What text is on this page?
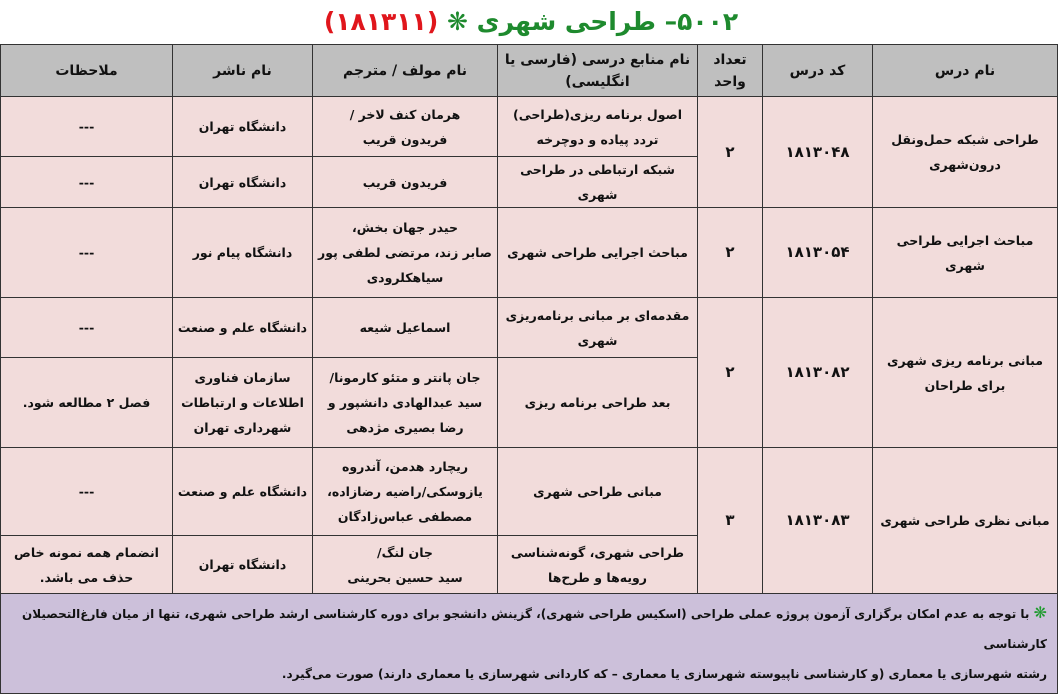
۵۰۰۲– طراحی شهری ❋ (۱۸۱۳۱۱)
نام درس	کد درس	تعداد واحد	نام منابع درسی (فارسی یا انگلیسی)	نام مولف / مترجم	نام ناشر	ملاحظات
طراحی شبکه حمل‌ونقل درون‌شهری	۱۸۱۳۰۴۸	۲	اصول برنامه ریزی(طراحی)
تردد پیاده و دوچرخه	هرمان کنف لاخر /
فریدون قریب	دانشگاه تهران	---

			شبکه ارتباطی در طراحی شهری	فریدون قریب	دانشگاه تهران	---

مباحث اجرایی طراحی شهری	۱۸۱۳۰۵۴	۲	مباحث اجرایی طراحی شهری	حیدر جهان بخش،
صابر زند، مرتضی لطفی پور
سیاهکلرودی	دانشگاه پیام نور	---

مبانی برنامه ریزی شهری برای طراحان	۱۸۱۳۰۸۲	۲	مقدمه‌ای بر مبانی برنامه‌ریزی
شهری	اسماعیل شیعه	دانشگاه علم و صنعت	---

			بعد طراحی برنامه ریزی	جان پانتر و متئو کارمونا/
سید عبدالهادی دانشپور و
رضا بصیری مژدهی	سازمان فناوری
اطلاعات و ارتباطات
شهرداری تهران	فصل ۲ مطالعه شود.

مبانی نظری طراحی شهری	۱۸۱۳۰۸۳	۳	مبانی طراحی شهری	ریچارد هدمن، آندروه
یازوسکی/راضیه رضازاده،
مصطفی عباس‌زادگان	دانشگاه علم و صنعت	---

			طراحی شهری، گونه‌شناسی
رویه‌ها و طرح‌ها	جان لنگ/
سید حسین بحرینی	دانشگاه تهران	انضمام همه نمونه خاص
حذف می باشد.

❋ با توجه به عدم امکان برگزاری آزمون پروژه عملی طراحی (اسکیس طراحی شهری)، گزینش دانشجو برای دوره کارشناسی ارشد طراحی شهری، تنها از میان فارغ‌التحصیلان کارشناسی
رشته شهرسازی یا معماری (و کارشناسی ناپیوسته شهرسازی یا معماری – که کاردانی شهرسازی یا معماری دارند) صورت می‌گیرد.						
